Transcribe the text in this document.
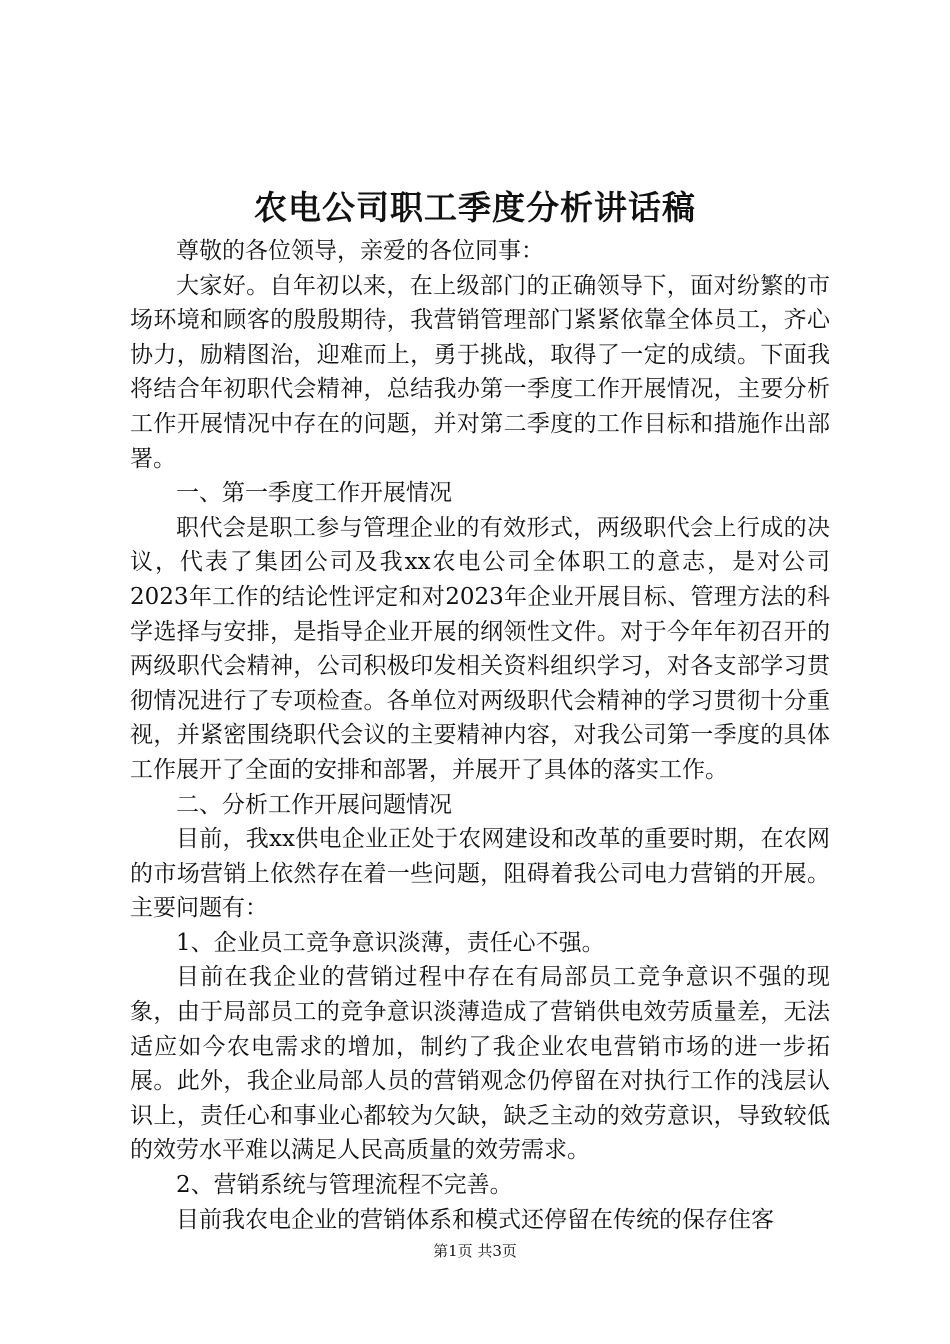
农电公司职工季度分析讲话稿

尊敬的各位领导，亲爱的各位同事：

大家好。自年初以来，在上级部门的正确领导下，面对纷繁的市场环境和顾客的殷殷期待，我营销管理部门紧紧依靠全体员工，齐心协力，励精图治，迎难而上，勇于挑战，取得了一定的成绩。下面我将结合年初职代会精神，总结我办第一季度工作开展情况，主要分析工作开展情况中存在的问题，并对第二季度的工作目标和措施作出部署。

一、第一季度工作开展情况

职代会是职工参与管理企业的有效形式，两级职代会上行成的决议，代表了集团公司及我xx农电公司全体职工的意志，是对公司2023年工作的结论性评定和对2023年企业开展目标、管理方法的科学选择与安排，是指导企业开展的纲领性文件。对于今年年初召开的两级职代会精神，公司积极印发相关资料组织学习，对各支部学习贯彻情况进行了专项检查。各单位对两级职代会精神的学习贯彻十分重视，并紧密围绕职代会议的主要精神内容，对我公司第一季度的具体工作展开了全面的安排和部署，并展开了具体的落实工作。

二、分析工作开展问题情况

目前，我xx供电企业正处于农网建设和改革的重要时期，在农网的市场营销上依然存在着一些问题，阻碍着我公司电力营销的开展。主要问题有：

1、企业员工竞争意识淡薄，责任心不强。

目前在我企业的营销过程中存在有局部员工竞争意识不强的现象，由于局部员工的竞争意识淡薄造成了营销供电效劳质量差，无法适应如今农电需求的增加，制约了我企业农电营销市场的进一步拓展。此外，我企业局部人员的营销观念仍停留在对执行工作的浅层认识上，责任心和事业心都较为欠缺，缺乏主动的效劳意识，导致较低的效劳水平难以满足人民高质量的效劳需求。

2、营销系统与管理流程不完善。

目前我农电企业的营销体系和模式还停留在传统的保存住客

第1页 共3页
